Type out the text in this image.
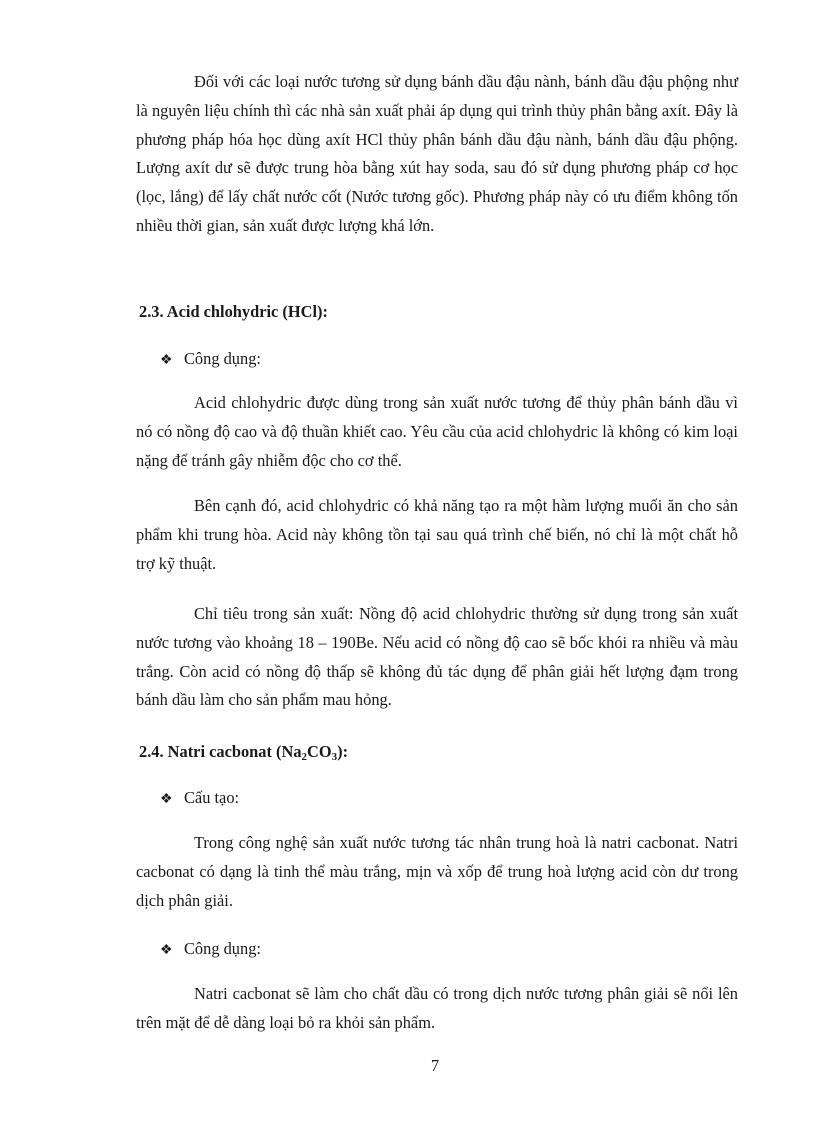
Đối với các loại nước tương sử dụng bánh dầu đậu nành, bánh dầu đậu phộng như là nguyên liệu chính thì các nhà sản xuất phải áp dụng qui trình thủy phân bằng axít. Đây là phương pháp hóa học dùng axít HCl thủy phân bánh dầu đậu nành, bánh dầu đậu phộng. Lượng axít dư sẽ được trung hòa bằng xút hay soda, sau đó sử dụng phương pháp cơ học (lọc, lắng) để lấy chất nước cốt (Nước tương gốc). Phương pháp này có ưu điểm không tốn nhiều thời gian, sản xuất được lượng khá lớn.

2.3. Acid chlohydric (HCl):
❖ Công dụng:

Acid chlohydric được dùng trong sản xuất nước tương để thủy phân bánh dầu vì nó có nồng độ cao và độ thuần khiết cao. Yêu cầu của acid chlohydric là không có kim loại nặng để tránh gây nhiễm độc cho cơ thể.

Bên cạnh đó, acid chlohydric có khả năng tạo ra một hàm lượng muối ăn cho sản phẩm khi trung hòa. Acid này không tồn tại sau quá trình chế biến, nó chỉ là một chất hỗ trợ kỹ thuật.

Chỉ tiêu trong sản xuất: Nồng độ acid chlohydric thường sử dụng trong sản xuất nước tương vào khoảng 18 – 190Be. Nếu acid có nồng độ cao sẽ bốc khói ra nhiều và màu trắng. Còn acid có nồng độ thấp sẽ không đủ tác dụng để phân giải hết lượng đạm trong bánh dầu làm cho sản phẩm mau hỏng.

2.4. Natri cacbonat $(Na_2CO_3)$:
❖ Cấu tạo:

Trong công nghệ sản xuất nước tương tác nhân trung hoà là natri cacbonat. Natri cacbonat có dạng là tinh thể màu trắng, mịn và xốp để trung hoà lượng acid còn dư trong dịch phân giải.

❖ Công dụng:

Natri cacbonat sẽ làm cho chất dầu có trong dịch nước tương phân giải sẽ nổi lên trên mặt để dễ dàng loại bỏ ra khỏi sản phẩm.

7
